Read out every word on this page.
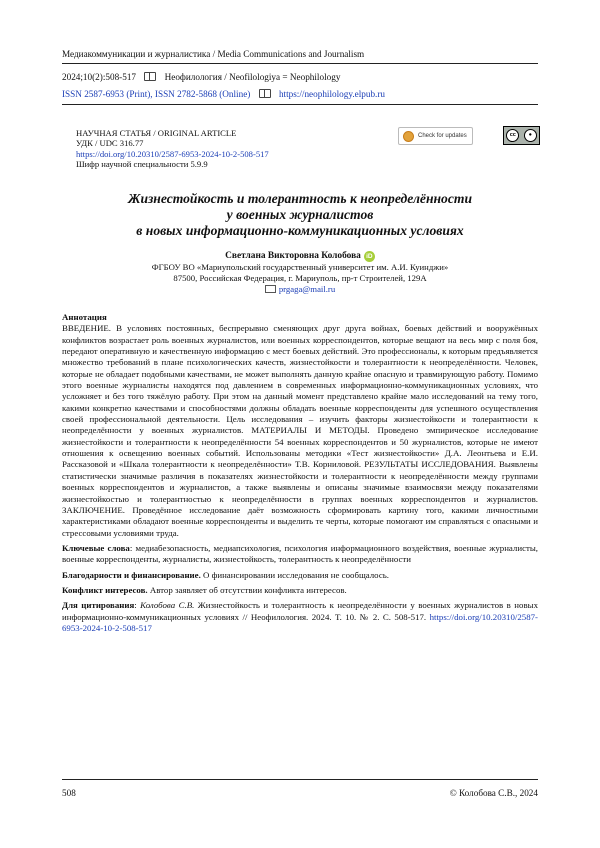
Медиакоммуникации и журналистика / Media Communications and Journalism
2024;10(2):508-517	Неофилология / Neofilologiya = Neophilology
ISSN 2587-6953 (Print), ISSN 2782-5868 (Online)	https://neophilology.elpub.ru
НАУЧНАЯ СТАТЬЯ / ORIGINAL ARTICLE
УДК / UDC 316.77
https://doi.org/10.20310/2587-6953-2024-10-2-508-517
Шифр научной специальности 5.9.9
Check for updates	cc	●
Жизнестойкость и толерантность к неопределённости
у военных журналистов
в новых информационно-коммуникационных условиях
Светлана Викторовна Колобова iD
ФГБОУ ВО «Мариупольский государственный университет им. А.И. Куинджи»
87500, Российская Федерация, г. Мариуполь, пр-т Строителей, 129А
prgaga@mail.ru

Аннотация

ВВЕДЕНИЕ. В условиях постоянных, беспрерывно сменяющих друг друга войнах, боевых действий и вооружённых конфликтов возрастает роль военных журналистов, или военных корреспондентов, которые вещают на весь мир с поля боя, передают оперативную и качественную информацию с мест боевых действий. Это профессионалы, к которым предъявляется множество требований в плане психологических качеств, жизнестойкости и толерантности к неопределённости. Человек, которые не обладает подобными качествами, не может выполнять данную крайне опасную и травмирующую работу. Помимо этого военные журналисты находятся под давлением в современных информационно-коммуникационных условиях, что усложняет и без того тяжёлую работу. При этом на данный момент представлено крайне мало исследований на тему того, какими конкретно качествами и способностями должны обладать военные корреспонденты для успешного осуществления своей профессиональной деятельности. Цель исследования – изучить факторы жизнестойкости и толерантности к неопределённости у военных журналистов. МАТЕРИАЛЫ И МЕТОДЫ. Проведено эмпирическое исследование жизнестойкости и толерантности к неопределённости 54 военных корреспондентов и 50 журналистов, которые не имеют отношения к освещению военных событий. Использованы методики «Тест жизнестойкости» Д.А. Леонтьева и Е.И. Рассказовой и «Шкала толерантности к неопределённости» Т.В. Корниловой. РЕЗУЛЬТАТЫ ИССЛЕДОВАНИЯ. Выявлены статистически значимые различия в показателях жизнестойкости и толерантности к неопределённости между группами военных корреспондентов и журналистов, а также выявлены и описаны значимые взаимосвязи между показателями жизнестойкостью и толерантностью к неопределённости в группах военных корреспондентов и журналистов. ЗАКЛЮЧЕНИЕ. Проведённое исследование даёт возможность сформировать картину того, какими личностными характеристиками обладают военные корреспонденты и выделить те черты, которые помогают им справляться с опасными и стрессовыми условиями труда.

Ключевые слова: медиабезопасность, медиапсихология, психология информационного воздействия, военные журналисты, военные корреспонденты, журналисты, жизнестойкость, толерантность к неопределённости

Благодарности и финансирование. О финансировании исследования не сообщалось.

Конфликт интересов. Автор заявляет об отсутствии конфликта интересов.

Для цитирования: Колобова С.В. Жизнестойкость и толерантность к неопределённости у военных журналистов в новых информационно-коммуникационных условиях // Неофилология. 2024. Т. 10. № 2. С. 508-517. https://doi.org/10.20310/2587-6953-2024-10-2-508-517

508	© Колобова С.В., 2024
